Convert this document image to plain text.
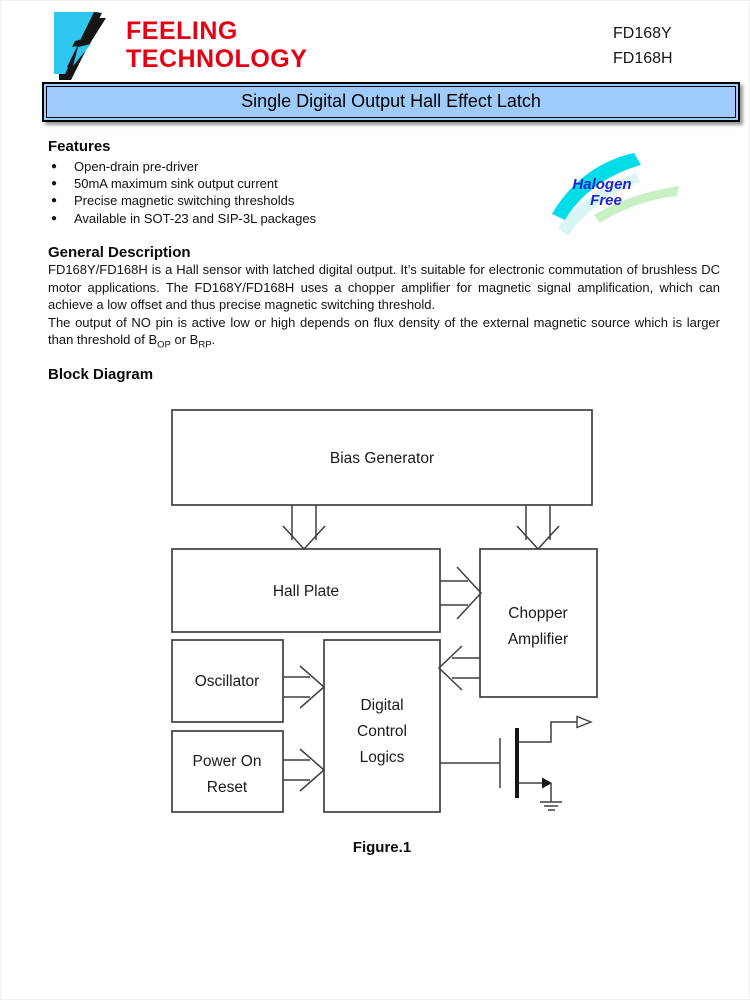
FEELING
TECHNOLOGY
FD168Y
FD168H
Single Digital Output Hall Effect Latch
Features
● Open-drain pre-driver
● 50mA maximum sink output current
● Precise magnetic switching thresholds
● Available in SOT-23 and SIP-3L packages
Halogen
Free
General Description
FD168Y/FD168H is a Hall sensor with latched digital output. It’s suitable for electronic commutation of brushless DC motor applications. The FD168Y/FD168H uses a chopper amplifier for magnetic signal amplification, which can achieve a low offset and thus precise magnetic switching threshold.
The output of NO pin is active low or high depends on flux density of the external magnetic source which is larger than threshold of $B_{OP}$ or $B_{RP}$.
Block Diagram
Bias Generator
Hall Plate
Chopper
Amplifier
Oscillator
Digital
Control
Logics
Power On
Reset
Figure.1
